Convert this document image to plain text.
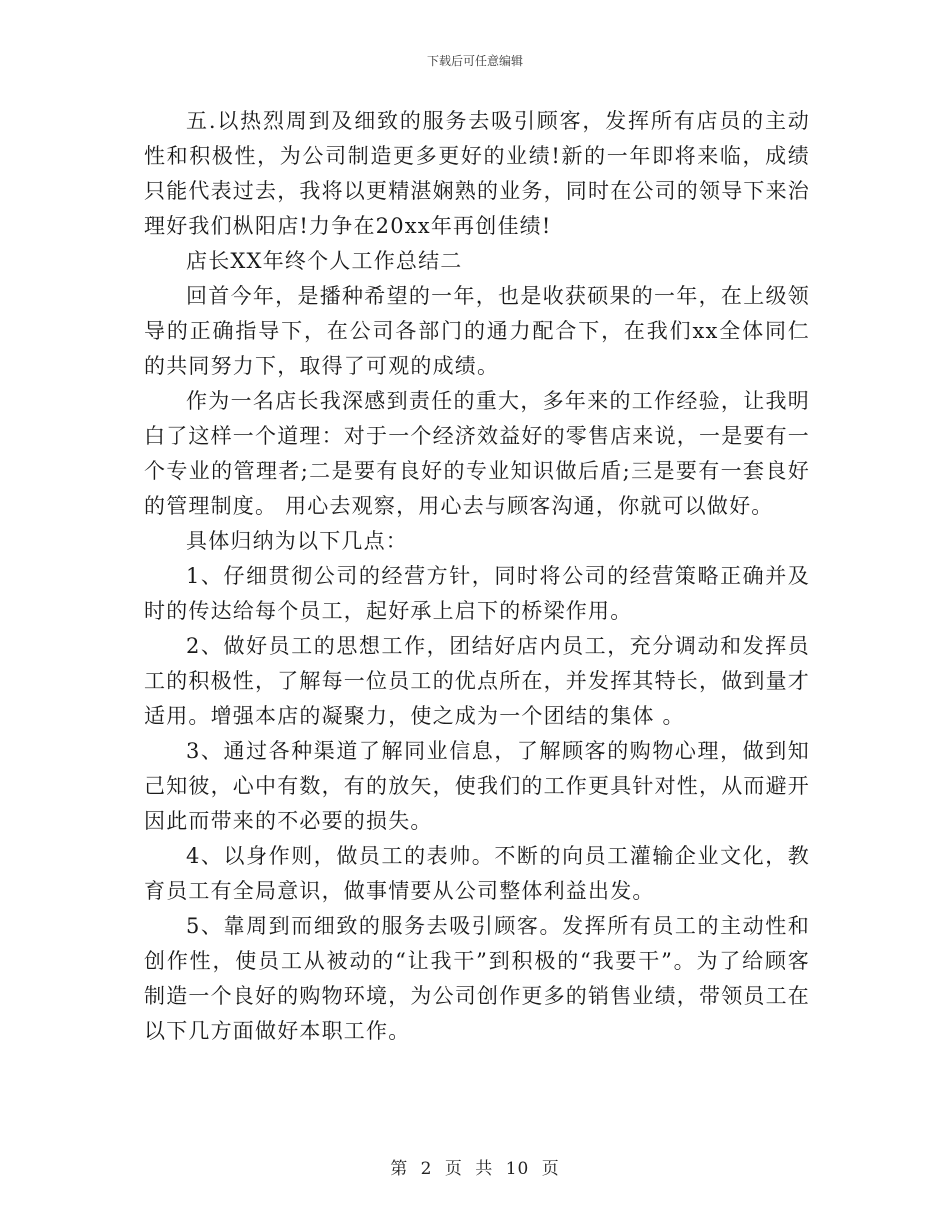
下载后可任意编辑

五.以热烈周到及细致的服务去吸引顾客，发挥所有店员的主动性和积极性，为公司制造更多更好的业绩!新的一年即将来临，成绩只能代表过去，我将以更精湛娴熟的业务，同时在公司的领导下来治理好我们枞阳店!力争在20xx年再创佳绩!

店长XX年终个人工作总结二

回首今年，是播种希望的一年，也是收获硕果的一年，在上级领导的正确指导下，在公司各部门的通力配合下，在我们xx全体同仁的共同努力下，取得了可观的成绩。

作为一名店长我深感到责任的重大，多年来的工作经验，让我明白了这样一个道理：对于一个经济效益好的零售店来说，一是要有一个专业的管理者;二是要有良好的专业知识做后盾;三是要有一套良好的管理制度。 用心去观察，用心去与顾客沟通，你就可以做好。

具体归纳为以下几点：

1、仔细贯彻公司的经营方针，同时将公司的经营策略正确并及时的传达给每个员工，起好承上启下的桥梁作用。

2、做好员工的思想工作，团结好店内员工，充分调动和发挥员工的积极性，了解每一位员工的优点所在，并发挥其特长，做到量才适用。增强本店的凝聚力，使之成为一个团结的集体 。

3、通过各种渠道了解同业信息，了解顾客的购物心理，做到知己知彼，心中有数，有的放矢，使我们的工作更具针对性，从而避开因此而带来的不必要的损失。

4、以身作则，做员工的表帅。不断的向员工灌输企业文化，教育员工有全局意识，做事情要从公司整体利益出发。

5、靠周到而细致的服务去吸引顾客。发挥所有员工的主动性和创作性，使员工从被动的“让我干”到积极的“我要干”。为了给顾客制造一个良好的购物环境，为公司创作更多的销售业绩，带领员工在以下几方面做好本职工作。

第 2 页 共 10 页
